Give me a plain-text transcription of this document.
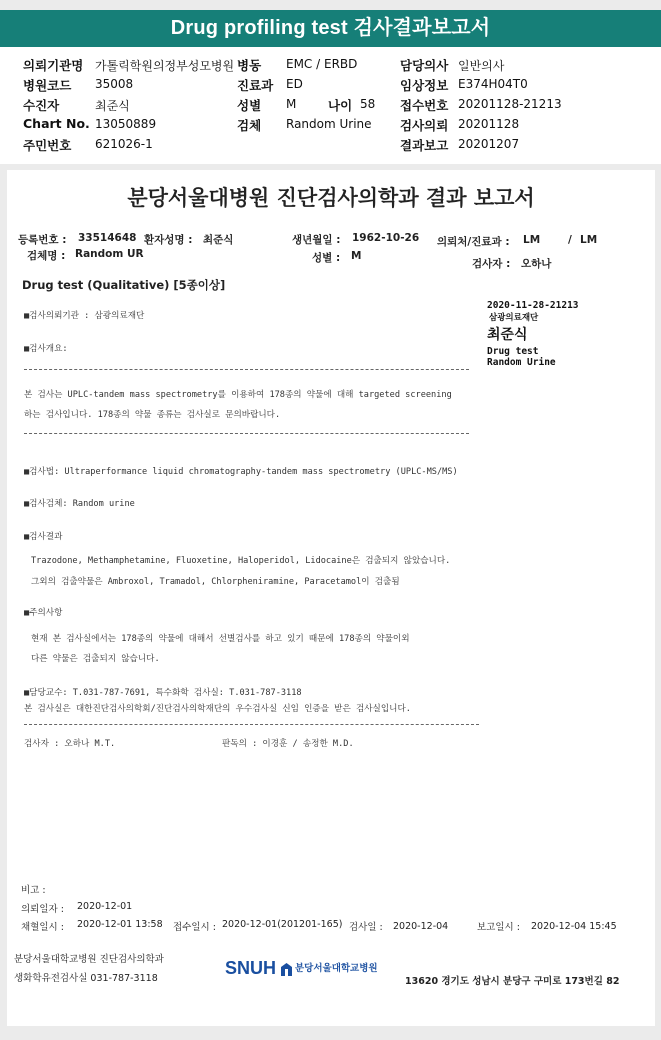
Drug profiling test 검사결과보고서
의뢰기관명 가톨릭학원의정부성모병원 병동 EMC / ERBD	담당의사 일반의사
병원코드 35008	진료과 ED	임상정보 E374H04T0
수진자	최준식	성별 M	나이 58 접수번호 20201128-21213
Chart No. 13050889	검체 Random Urine 검사의뢰 20201128
주민번호 621026-1	결과보고 20201207
분당서울대병원 진단검사의학과 결과 보고서
등록번호 : 33514648 환자성명 : 최준식	생년월일 : 1962-10-26 의뢰처/진료과 : LM	/ LM
검체명 : Random UR	성별 : M
검사자 : 오하나
Drug test (Qualitative) [5종이상]
2020-11-28-21213
삼광의료재단
최준식
Drug test
Random Urine
■검사의뢰기관 : 삼광의료재단
■검사개요:
본 검사는 UPLC-tandem mass spectrometry를 이용하여 178종의 약물에 대해 targeted screening
하는 검사입니다. 178종의 약물 종류는 검사실로 문의바랍니다.
■검사법: Ultraperformance liquid chromatography-tandem mass spectrometry (UPLC-MS/MS)
■검사검체: Random urine
■검사결과
Trazodone, Methamphetamine, Fluoxetine, Haloperidol, Lidocaine은 검출되지 않았습니다.
그외의 검출약물은 Ambroxol, Tramadol, Chlorpheniramine, Paracetamol이 검출됨
■주의사항
현재 본 검사실에서는 178종의 약물에 대해서 선별검사를 하고 있기 때문에 178종의 약물이외
다른 약물은 검출되지 않습니다.
■담당교수: T.031-787-7691, 특수화학 검사실: T.031-787-3118
본 검사실은 대한진단검사의학회/진단검사의학재단의 우수검사실 신임 인증을 받은 검사실입니다.
검사자 : 오하나 M.T.	판독의 : 이경훈 / 송정한 M.D.
비고 :
의뢰일자 : 2020-12-01
채혈일시 : 2020-12-01 13:58 접수일시 : 2020-12-01(201201-165) 검사일 : 2020-12-04	보고일시 : 2020-12-04 15:45
분당서울대학교병원 진단검사의학과
생화학유전검사실 031-787-3118
SNUH 분당서울대학교병원
13620 경기도 성남시 분당구 구미로 173번길 82
